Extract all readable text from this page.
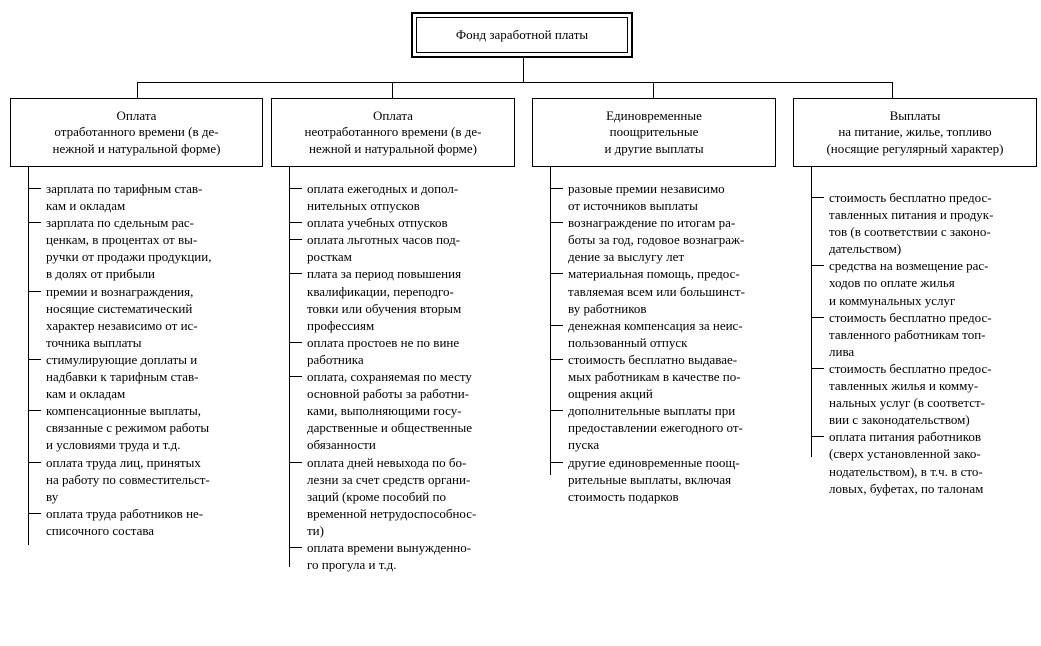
Фонд заработной платы
Оплата
отработанного времени (в де-
нежной и натуральной форме)
Оплата
неотработанного времени (в де-
нежной и натуральной форме)
Единовременные
поощрительные
и другие выплаты
Выплаты
на питание, жилье, топливо
(носящие регулярный характер)
зарплата по тарифным став-
кам и окладам
зарплата по сдельным рас-
ценкам, в процентах от вы-
ручки от продажи продукции,
в долях от прибыли
премии и вознаграждения,
носящие систематический
характер независимо от ис-
точника выплаты
стимулирующие доплаты и
надбавки к тарифным став-
кам и окладам
компенсационные выплаты,
связанные с режимом работы
и условиями труда и т.д.
оплата труда лиц, принятых
на работу по совместительст-
ву
оплата труда работников не-
списочного состава
оплата ежегодных и допол-
нительных отпусков
оплата учебных отпусков
оплата льготных часов под-
росткам
плата за период повышения
квалификации, переподго-
товки или обучения вторым
профессиям
оплата простоев не по вине
работника
оплата, сохраняемая по месту
основной работы за работни-
ками, выполняющими госу-
дарственные и общественные
обязанности
оплата дней невыхода по бо-
лезни за счет средств органи-
заций (кроме пособий по
временной нетрудоспособнос-
ти)
оплата времени вынужденно-
го прогула и т.д.
разовые премии независимо
от источников выплаты
вознаграждение по итогам ра-
боты за год, годовое вознаграж-
дение за выслугу лет
материальная помощь, предос-
тавляемая всем или большинст-
ву работников
денежная компенсация за неис-
пользованный отпуск
стоимость бесплатно выдавае-
мых работникам в качестве по-
ощрения акций
дополнительные выплаты при
предоставлении ежегодного от-
пуска
другие единовременные поощ-
рительные выплаты, включая
стоимость подарков
стоимость бесплатно предос-
тавленных питания и продук-
тов (в соответствии с законо-
дательством)
средства на возмещение рас-
ходов по оплате жилья
и коммунальных услуг
стоимость бесплатно предос-
тавленного работникам топ-
лива
стоимость бесплатно предос-
тавленных жилья и комму-
нальных услуг (в соответст-
вии с законодательством)
оплата питания работников
(сверх установленной зако-
нодательством), в т.ч. в сто-
ловых, буфетах, по талонам
